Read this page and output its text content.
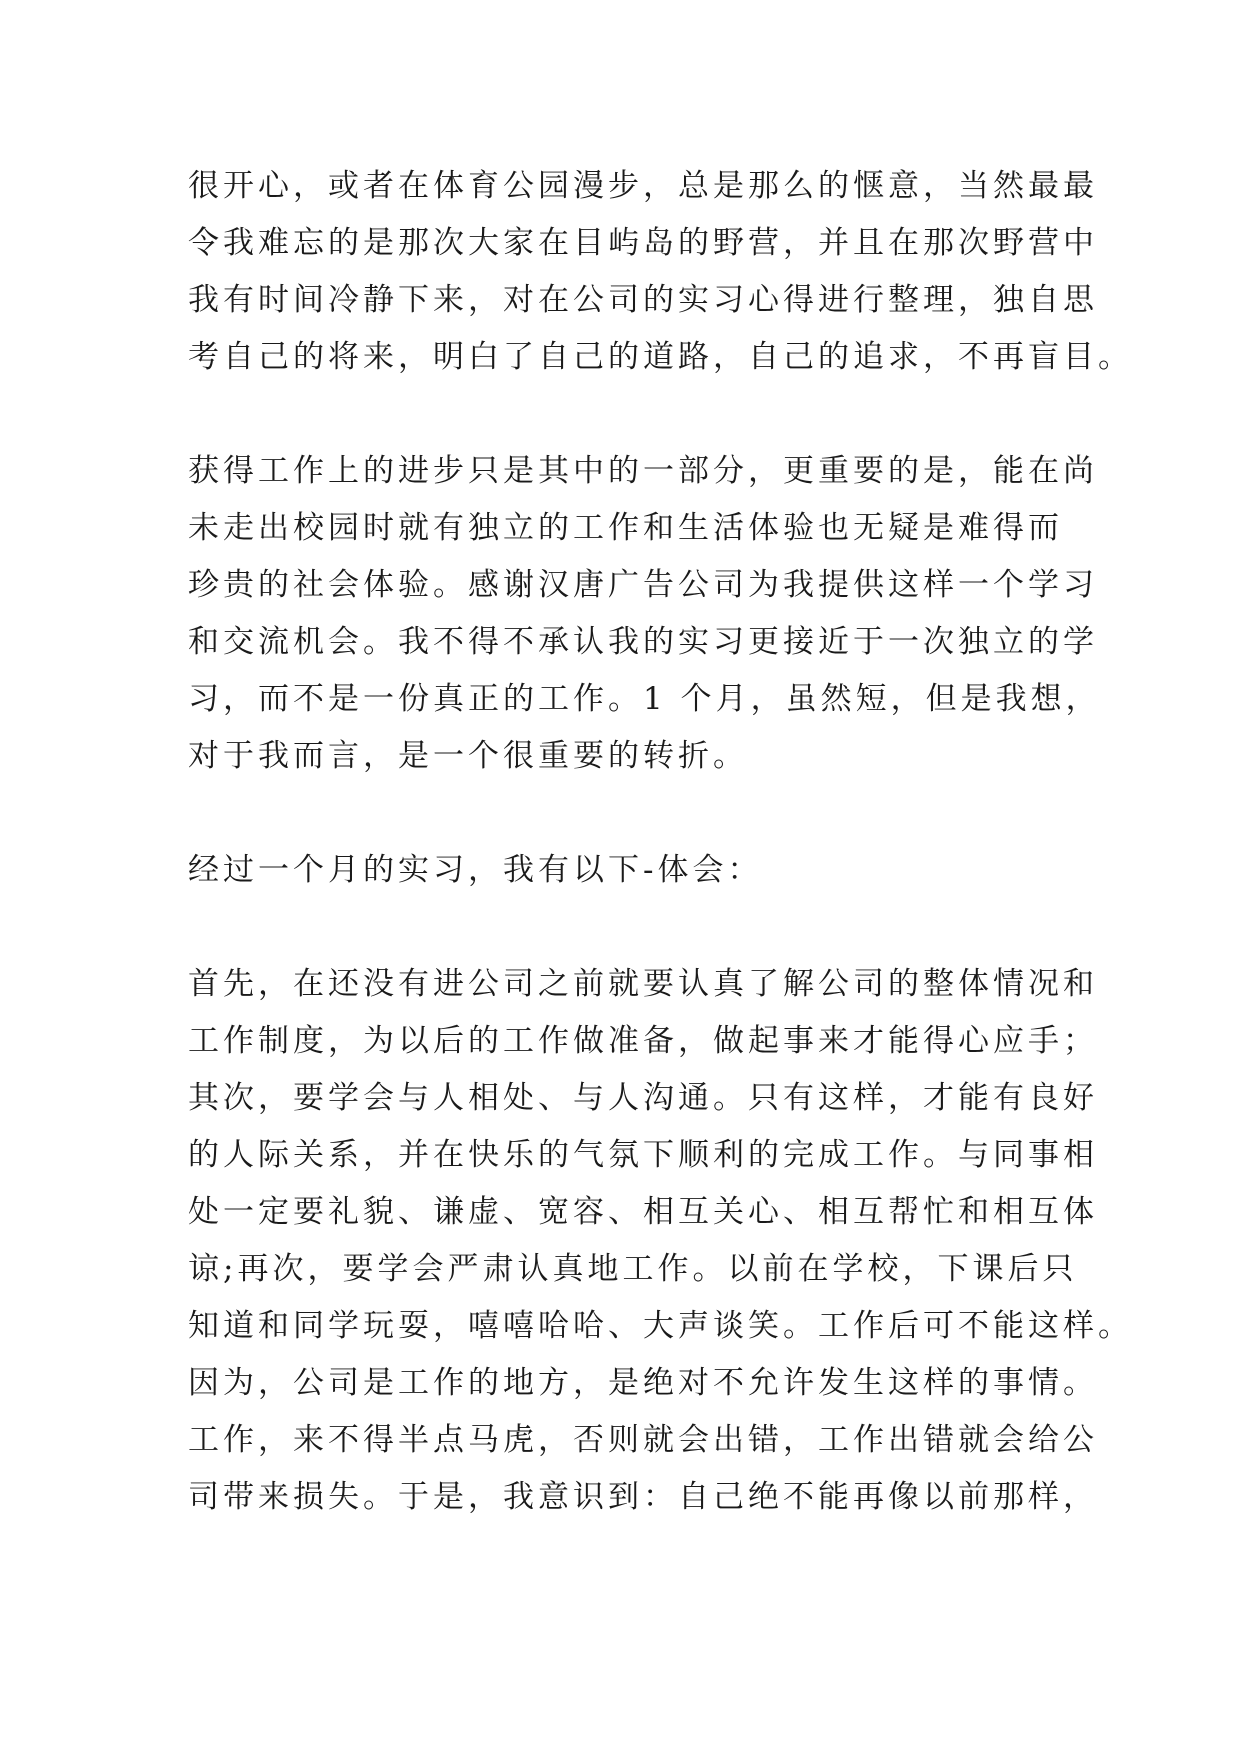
很开心，或者在体育公园漫步，总是那么的惬意，当然最最
令我难忘的是那次大家在目屿岛的野营，并且在那次野营中
我有时间冷静下来，对在公司的实习心得进行整理，独自思
考自己的将来，明白了自己的道路，自己的追求，不再盲目。
获得工作上的进步只是其中的一部分，更重要的是，能在尚
未走出校园时就有独立的工作和生活体验也无疑是难得而
珍贵的社会体验。感谢汉唐广告公司为我提供这样一个学习
和交流机会。我不得不承认我的实习更接近于一次独立的学
习，而不是一份真正的工作。1 个月，虽然短，但是我想，
对于我而言，是一个很重要的转折。
经过一个月的实习，我有以下-体会：
首先，在还没有进公司之前就要认真了解公司的整体情况和
工作制度，为以后的工作做准备，做起事来才能得心应手；
其次，要学会与人相处、与人沟通。只有这样，才能有良好
的人际关系，并在快乐的气氛下顺利的完成工作。与同事相
处一定要礼貌、谦虚、宽容、相互关心、相互帮忙和相互体
谅;再次，要学会严肃认真地工作。以前在学校，下课后只
知道和同学玩耍，嘻嘻哈哈、大声谈笑。工作后可不能这样。
因为，公司是工作的地方，是绝对不允许发生这样的事情。
工作，来不得半点马虎，否则就会出错，工作出错就会给公
司带来损失。于是，我意识到：自己绝不能再像以前那样，
